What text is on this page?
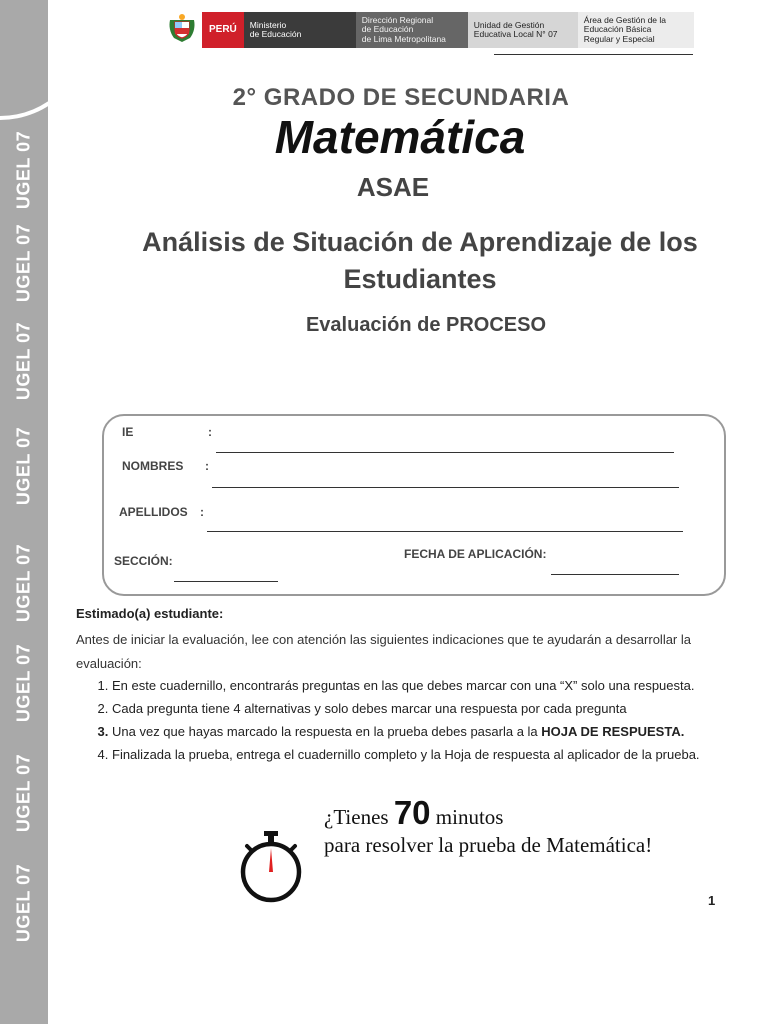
UGEL 07
UGEL 07
UGEL 07
UGEL 07
UGEL 07
UGEL 07
UGEL 07
UGEL 07
PERÚ	Ministerio
de Educación
Dirección Regional
de Educación
de Lima Metropolitana
Unidad de Gestión
Educativa Local N° 07
Área de Gestión de la
Educación Básica
Regular y Especial
2° GRADO DE SECUNDARIA
Matemática
ASAE
Análisis de Situación de Aprendizaje de los Estudiantes
Evaluación de PROCESO
IE	:
NOMBRES :
APELLIDOS :
SECCIÓN:	FECHA DE APLICACIÓN:
Estimado(a) estudiante:
Antes de iniciar la evaluación, lee con atención las siguientes indicaciones que te ayudarán a desarrollar la evaluación:
1. En este cuadernillo, encontrarás preguntas en las que debes marcar con una “X” solo una respuesta.
2. Cada pregunta tiene 4 alternativas y solo debes marcar una respuesta por cada pregunta
3. Una vez que hayas marcado la respuesta en la prueba debes pasarla a la HOJA DE RESPUESTA.
4. Finalizada la prueba, entrega el cuadernillo completo y la Hoja de respuesta al aplicador de la prueba.
¿Tienes 70 minutos
para resolver la prueba de Matemática!
1
